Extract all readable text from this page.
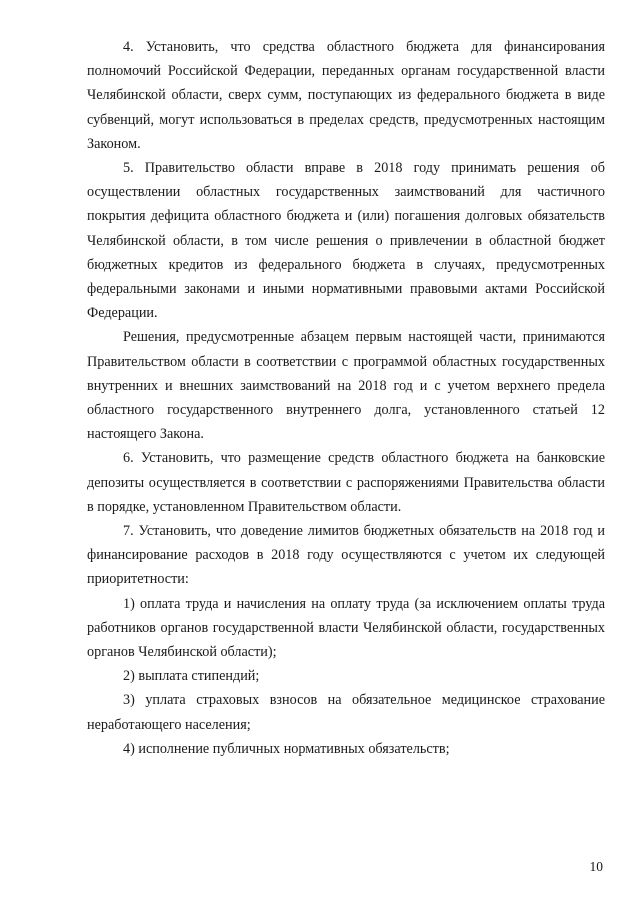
4. Установить, что средства областного бюджета для финансирования полномочий Российской Федерации, переданных органам государственной власти Челябинской области, сверх сумм, поступающих из федерального бюджета в виде субвенций, могут использоваться в пределах средств, предусмотренных настоящим Законом.

5. Правительство области вправе в 2018 году принимать решения об осуществлении областных государственных заимствований для частичного покрытия дефицита областного бюджета и (или) погашения долговых обязательств Челябинской области, в том числе решения о привлечении в областной бюджет бюджетных кредитов из федерального бюджета в случаях, предусмотренных федеральными законами и иными нормативными правовыми актами Российской Федерации.

Решения, предусмотренные абзацем первым настоящей части, принимаются Правительством области в соответствии с программой областных государственных внутренних и внешних заимствований на 2018 год и с учетом верхнего предела областного государственного внутреннего долга, установленного статьей 12 настоящего Закона.

6. Установить, что размещение средств областного бюджета на банковские депозиты осуществляется в соответствии с распоряжениями Правительства области в порядке, установленном Правительством области.

7. Установить, что доведение лимитов бюджетных обязательств на 2018 год и финансирование расходов в 2018 году осуществляются с учетом их следующей приоритетности:

1) оплата труда и начисления на оплату труда (за исключением оплаты труда работников органов государственной власти Челябинской области, государственных органов Челябинской области);

2) выплата стипендий;

3) уплата страховых взносов на обязательное медицинское страхование неработающего населения;

4) исполнение публичных нормативных обязательств;

10
